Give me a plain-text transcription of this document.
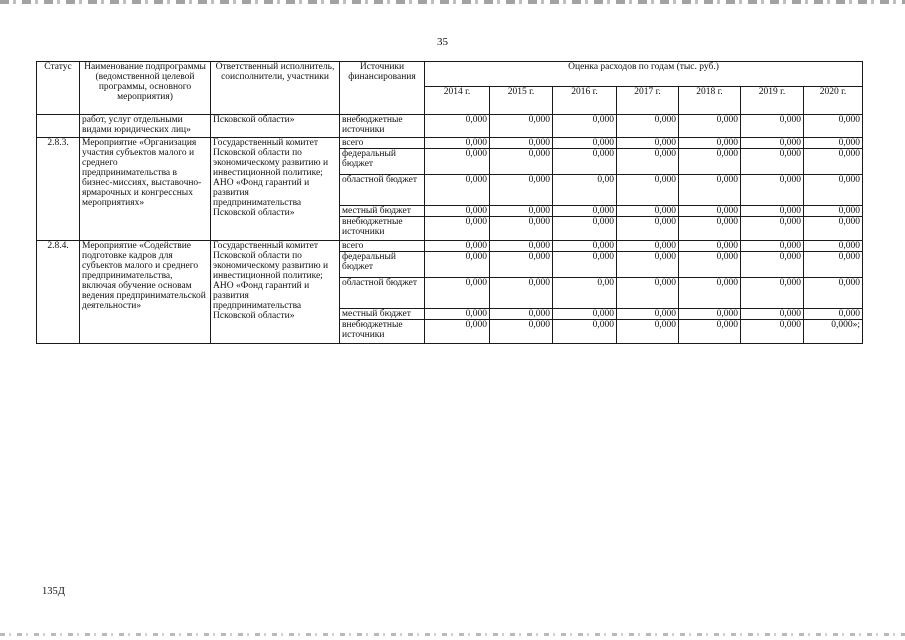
35
Статус	Наименование подпрограммы (ведомственной целевой программы, основного мероприятия)	Ответственный исполнитель, соисполнители, участники	Источники финансирования	Оценка расходов по годам (тыс. руб.)						
				2014 г.	2015 г.	2016 г.	2017 г.	2018 г.	2019 г.	2020 г.
	работ, услуг отдельными видами юридических лиц»	Псковской области»	внебюджетные источники	0,000	0,000	0,000	0,000	0,000	0,000	0,000
2.8.3.	Мероприятие «Организация участия субъектов малого и среднего предпринимательства в бизнес-миссиях, выставочно-ярмарочных и конгрессных мероприятиях»	Государственный комитет Псковской области по экономическому развитию и инвестиционной политике; АНО «Фонд гарантий и развития предпринимательства Псковской области»	всего	0,000	0,000	0,000	0,000	0,000	0,000	0,000
			федеральный бюджет	0,000	0,000	0,000	0,000	0,000	0,000	0,000
			областной бюджет	0,000	0,000	0,00	0,000	0,000	0,000	0,000
			местный бюджет	0,000	0,000	0,000	0,000	0,000	0,000	0,000
			внебюджетные источники	0,000	0,000	0,000	0,000	0,000	0,000	0,000
2.8.4.	Мероприятие «Содействие подготовке кадров для субъектов малого и среднего предпринимательства, включая обучение основам ведения предпринимательской деятельности»	Государственный комитет Псковской области по экономическому развитию и инвестиционной политике; АНО «Фонд гарантий и развития предпринимательства Псковской области»	всего	0,000	0,000	0,000	0,000	0,000	0,000	0,000
			федеральный бюджет	0,000	0,000	0,000	0,000	0,000	0,000	0,000
			областной бюджет	0,000	0,000	0,00	0,000	0,000	0,000	0,000
			местный бюджет	0,000	0,000	0,000	0,000	0,000	0,000	0,000
			внебюджетные источники	0,000	0,000	0,000	0,000	0,000	0,000	0,000»;
135Д
